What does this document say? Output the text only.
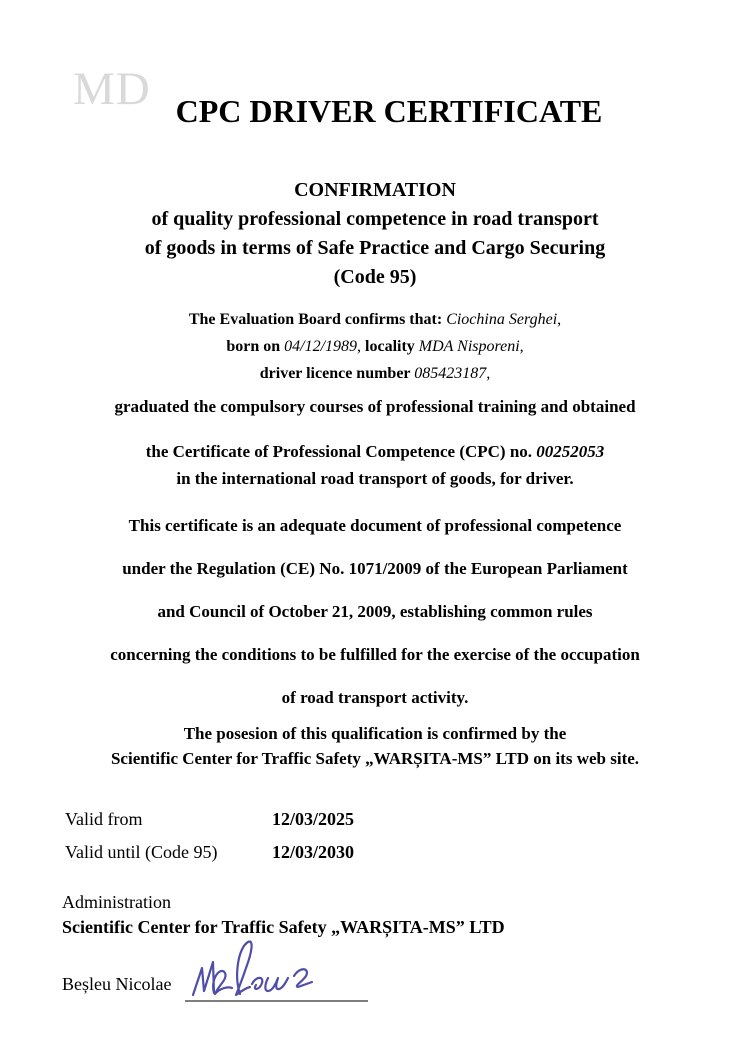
MD CPC DRIVER CERTIFICATE
CONFIRMATION
of quality professional competence in road transport
of goods in terms of Safe Practice and Cargo Securing
(Code 95)
The Evaluation Board confirms that: Ciochina Serghei,
born on 04/12/1989, locality MDA Nisporeni,
driver licence number 085423187,
graduated the compulsory courses of professional training and obtained
the Certificate of Professional Competence (CPC) no. 00252053
in the international road transport of goods, for driver.
This certificate is an adequate document of professional competence
under the Regulation (CE) No. 1071/2009 of the European Parliament
and Council of October 21, 2009, establishing common rules
concerning the conditions to be fulfilled for the exercise of the occupation
of road transport activity.
The posesion of this qualification is confirmed by the
Scientific Center for Traffic Safety „WARȘITA-MS” LTD on its web site.
Valid from	12/03/2025
Valid until (Code 95)	12/03/2030
Administration
Scientific Center for Traffic Safety „WARȘITA-MS” LTD
Beșleu Nicolae
